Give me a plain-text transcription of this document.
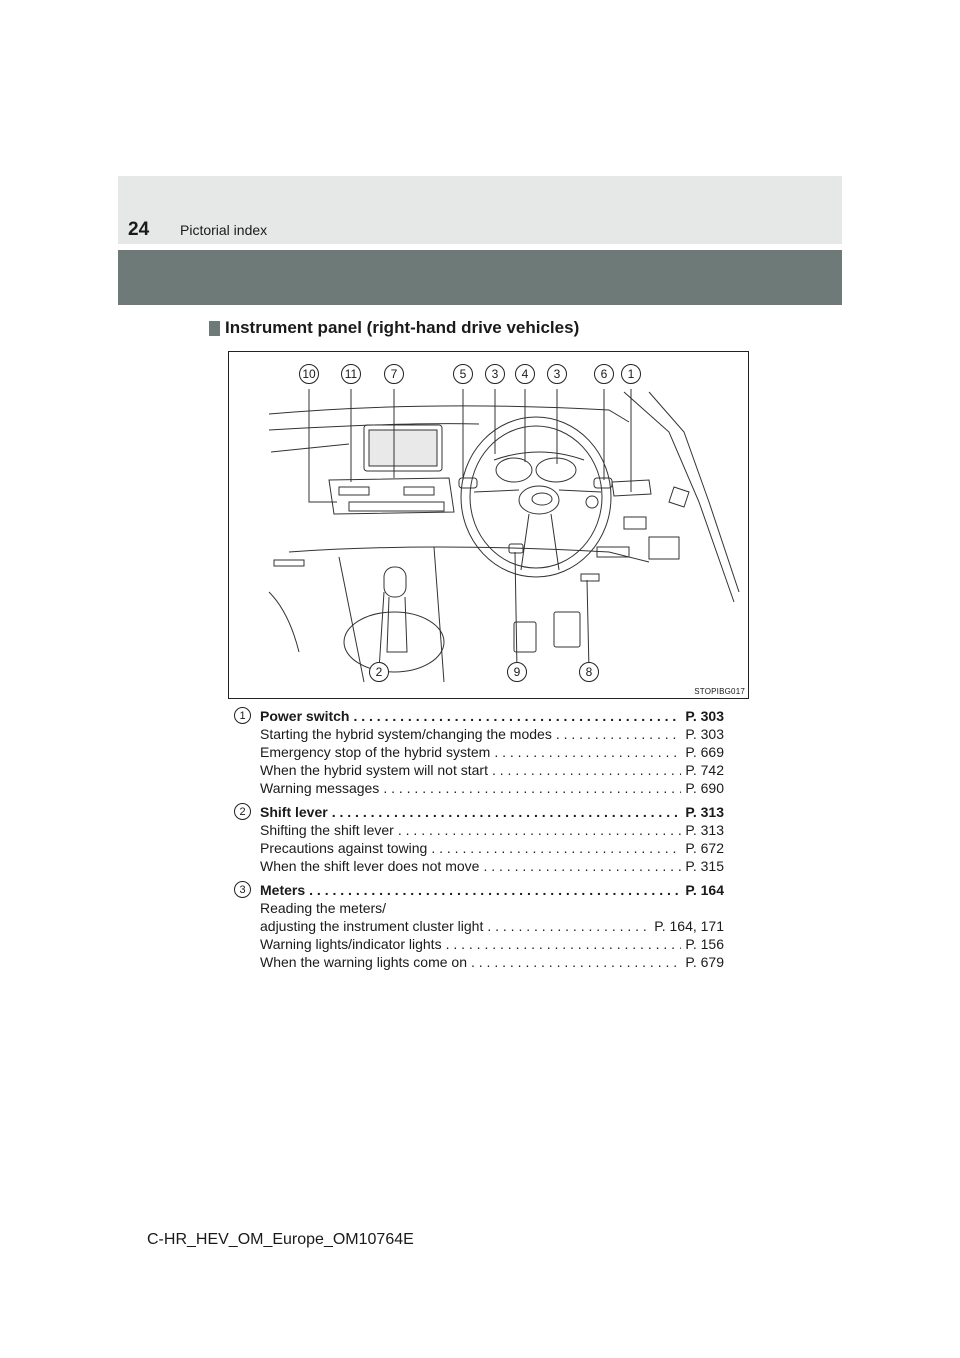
24 Pictorial index
Instrument panel (right-hand drive vehicles)
10	11	7	5	3	4	3	6	1
2	9	8
STOPIBG017
1	Power switch . . .	P. 303
Starting the hybrid system/changing the modes . . .	P. 303
Emergency stop of the hybrid system . . .	P. 669
When the hybrid system will not start . . .	P. 742
Warning messages . . .	P. 690
2	Shift lever . . .	P. 313
Shifting the shift lever . . .	P. 313
Precautions against towing . . .	P. 672
When the shift lever does not move . . .	P. 315
3	Meters . . .	P. 164
Reading the meters/
adjusting the instrument cluster light . . .	P. 164, 171
Warning lights/indicator lights . . .	P. 156
When the warning lights come on . . .	P. 679
C-HR_HEV_OM_Europe_OM10764E
